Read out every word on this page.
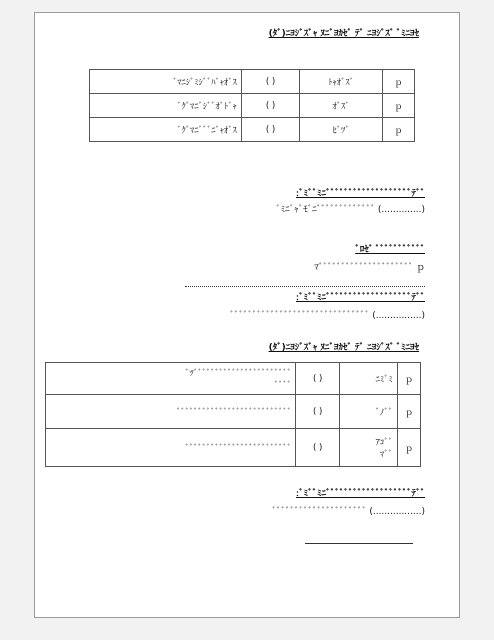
(ﾀﾞ)ﾆﾖｼﾞｽﾞｬ ﾇﾆﾞﾖｶｾﾞ ﾃﾞ ﾆﾖｼﾞｽﾞ ﾞﾐﾆﾖｾ
ﾞﾏﾆｼﾞﾐｼﾞﾞﾊﾞｬｵﾞｽ	( )	ﾄｬｵﾞｽﾞ	ｐ
ﾞｸﾞﾏﾆﾞｼﾞﾞｵﾞﾄﾞｬ	( )	ｵﾞｽﾞ	ｐ
ﾞｸﾞﾏﾆﾞﾞﾞﾆﾞｬｵﾞｽ	( )	ﾋﾞﾂﾞ	ｐ
:ﾞﾐﾞﾞﾐﾆﾞﾞﾞﾞﾞﾞﾞﾞﾞﾞﾞﾞﾞﾞﾞﾞﾞﾞﾞﾃﾞﾞ
ﾞﾐﾆﾞｬﾞﾓﾞﾆﾞﾞﾞﾞﾞﾞﾞﾞﾞﾞﾞﾞﾞ (..............)
ﾞﾛｾﾞ ﾞﾞﾞﾞﾞﾞﾞﾞﾞﾞﾞ
ﾏﾞﾞﾞﾞﾞﾞﾞﾞﾞﾞﾞﾞﾞﾞﾞﾞﾞﾞﾞﾞﾞ ｐ
:ﾞﾐﾞﾞﾐﾆﾞﾞﾞﾞﾞﾞﾞﾞﾞﾞﾞﾞﾞﾞﾞﾞﾞﾞﾞﾃﾞﾞ
ﾞﾞﾞﾞﾞﾞﾞﾞﾞﾞﾞﾞﾞﾞﾞﾞﾞﾞﾞﾞﾞﾞﾞﾞﾞﾞﾞﾞﾞﾞﾞ (................)
(ﾀﾞ)ﾆﾖｼﾞｽﾞｬ ﾇﾆﾞﾖｶｾﾞ ﾃﾞ ﾆﾖｼﾞｽﾞ ﾞﾐﾆﾖｾ
ﾞﾂﾞﾞﾞﾞﾞﾞﾞﾞﾞﾞﾞﾞﾞﾞﾞﾞﾞﾞﾞﾞﾞﾞﾞ
ﾞﾞﾞﾞ	( )	ﾆﾐﾞﾐ	ｐ
ﾞﾞﾞﾞﾞﾞﾞﾞﾞﾞﾞﾞﾞﾞﾞﾞﾞﾞﾞﾞﾞﾞﾞﾞﾞﾞﾞ	( )	ﾞﾉﾞﾞ	ｐ
ﾞﾞﾞﾞﾞﾞﾞﾞﾞﾞﾞﾞﾞﾞﾞﾞﾞﾞﾞﾞﾞﾞﾞﾞﾞ	( )	ｱｺﾞﾞ
ﾏﾞﾞ	ｐ
:ﾞﾐﾞﾞﾐﾆﾞﾞﾞﾞﾞﾞﾞﾞﾞﾞﾞﾞﾞﾞﾞﾞﾞﾞﾞﾃﾞﾞ
ﾞﾞﾞﾞﾞﾞﾞﾞﾞﾞﾞﾞﾞﾞﾞﾞﾞﾞﾞﾞﾞ (.................)
